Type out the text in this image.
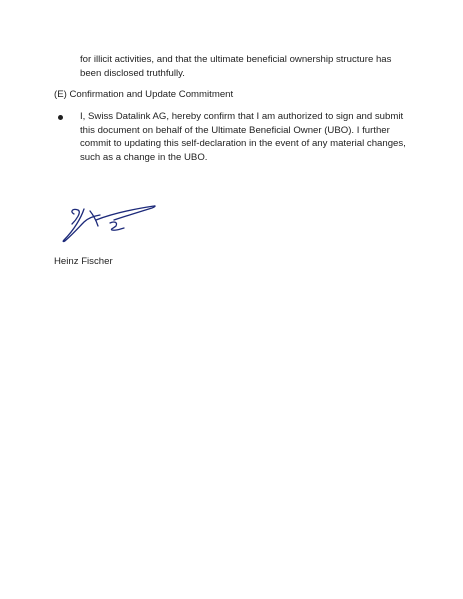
for illicit activities, and that the ultimate beneficial ownership structure has been disclosed truthfully.
(E) Confirmation and Update Commitment
I, Swiss Datalink AG, hereby confirm that I am authorized to sign and submit this document on behalf of the Ultimate Beneficial Owner (UBO). I further commit to updating this self-declaration in the event of any material changes, such as a change in the UBO.
Heinz Fischer
